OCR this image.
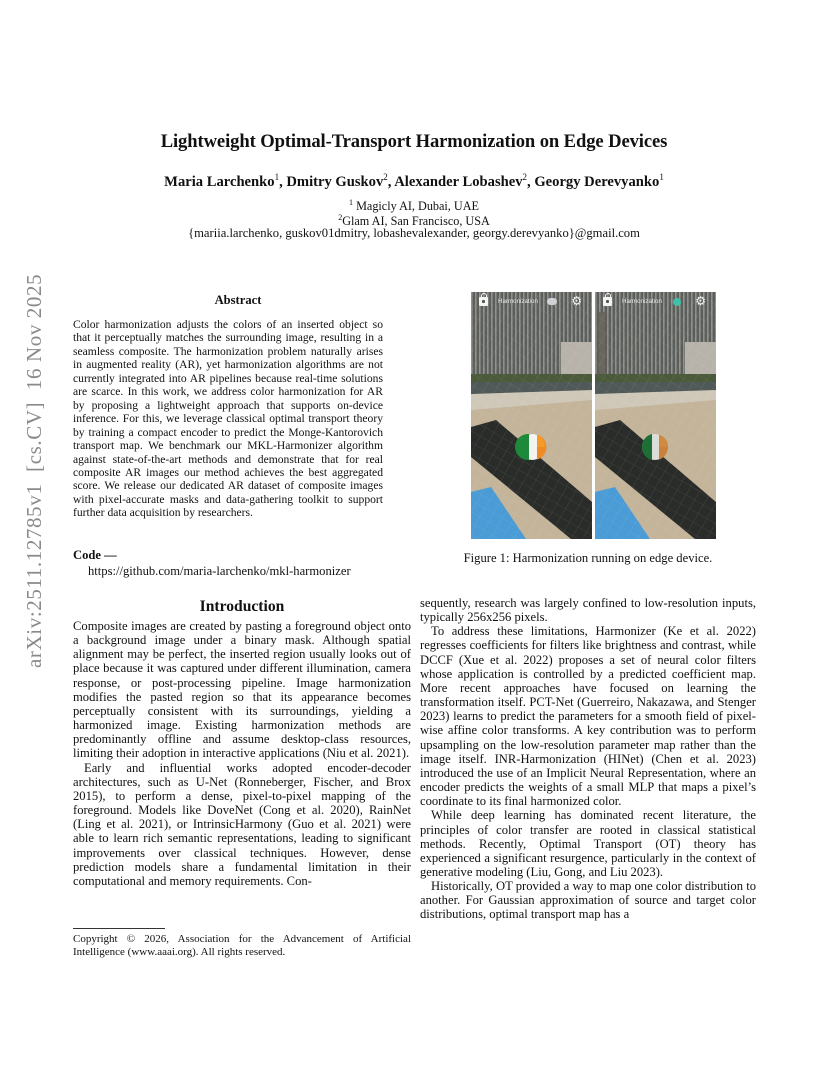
arXiv:2511.12785v1  [cs.CV]  16 Nov 2025
Lightweight Optimal-Transport Harmonization on Edge Devices
Maria Larchenko$^1$, Dmitry Guskov$^2$, Alexander Lobashev$^2$, Georgy Derevyanko$^1$
$^1$ Magicly AI, Dubai, UAE
$^2$Glam AI, San Francisco, USA
{mariia.larchenko, guskov01dmitry, lobashevalexander, georgy.derevyanko}@gmail.com
Abstract
Color harmonization adjusts the colors of an inserted object so that it perceptually matches the surrounding image, resulting in a seamless composite. The harmonization problem naturally arises in augmented reality (AR), yet harmonization algorithms are not currently integrated into AR pipelines because real-time solutions are scarce. In this work, we address color harmonization for AR by proposing a lightweight approach that supports on-device inference. For this, we leverage classical optimal transport theory by training a compact encoder to predict the Monge-Kantorovich transport map. We benchmark our MKL-Harmonizer algorithm against state-of-the-art methods and demonstrate that for real composite AR images our method achieves the best aggregated score. We release our dedicated AR dataset of composite images with pixel-accurate masks and data-gathering toolkit to support further data acquisition by researchers.
Code —
https://github.com/maria-larchenko/mkl-harmonizer
Introduction

Composite images are created by pasting a foreground object onto a background image under a binary mask. Although spatial alignment may be perfect, the inserted region usually looks out of place because it was captured under different illumination, camera response, or post-processing pipeline. Image harmonization modifies the pasted region so that its appearance becomes perceptually consistent with its surroundings, yielding a harmonized image. Existing harmonization methods are predominantly offline and assume desktop-class resources, limiting their adoption in interactive applications (Niu et al. 2021).

Early and influential works adopted encoder-decoder architectures, such as U-Net (Ronneberger, Fischer, and Brox 2015), to perform a dense, pixel-to-pixel mapping of the foreground. Models like DoveNet (Cong et al. 2020), RainNet (Ling et al. 2021), or IntrinsicHarmony (Guo et al. 2021) were able to learn rich semantic representations, leading to significant improvements over classical techniques. However, dense prediction models share a fundamental limitation in their computational and memory requirements. Con-

Copyright © 2026, Association for the Advancement of Artificial Intelligence (www.aaai.org). All rights reserved.
Harmonization	⚙	Harmonization	⚙
Figure 1: Harmonization running on edge device.

sequently, research was largely confined to low-resolution inputs, typically 256x256 pixels.

To address these limitations, Harmonizer (Ke et al. 2022) regresses coefficients for filters like brightness and contrast, while DCCF (Xue et al. 2022) proposes a set of neural color filters whose application is controlled by a predicted coefficient map. More recent approaches have focused on learning the transformation itself. PCT-Net (Guerreiro, Nakazawa, and Stenger 2023) learns to predict the parameters for a smooth field of pixel-wise affine color transforms. A key contribution was to perform upsampling on the low-resolution parameter map rather than the image itself. INR-Harmonization (HINet) (Chen et al. 2023) introduced the use of an Implicit Neural Representation, where an encoder predicts the weights of a small MLP that maps a pixel’s coordinate to its final harmonized color.

While deep learning has dominated recent literature, the principles of color transfer are rooted in classical statistical methods. Recently, Optimal Transport (OT) theory has experienced a significant resurgence, particularly in the context of generative modeling (Liu, Gong, and Liu 2023).

Historically, OT provided a way to map one color distribution to another. For Gaussian approximation of source and target color distributions, optimal transport map has a
